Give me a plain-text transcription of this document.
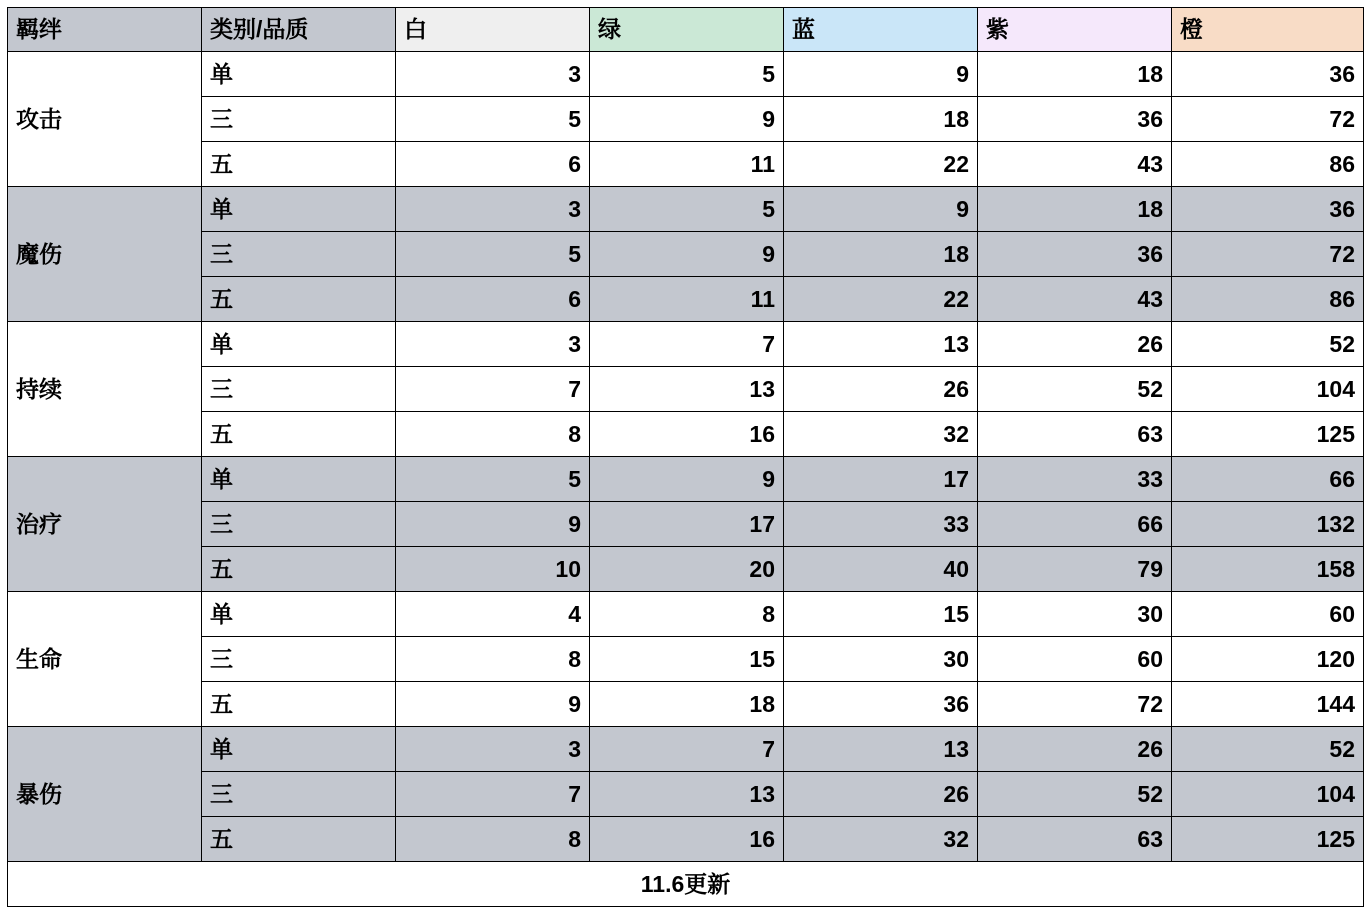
羁绊	类别/品质	白	绿	蓝	紫	橙
攻击	单	3	5	9	18	36
	三	5	9	18	36	72
	五	6	11	22	43	86
魔伤	单	3	5	9	18	36
	三	5	9	18	36	72
	五	6	11	22	43	86
持续	单	3	7	13	26	52
	三	7	13	26	52	104
	五	8	16	32	63	125
治疗	单	5	9	17	33	66
	三	9	17	33	66	132
	五	10	20	40	79	158
生命	单	4	8	15	30	60
	三	8	15	30	60	120
	五	9	18	36	72	144
暴伤	单	3	7	13	26	52
	三	7	13	26	52	104
	五	8	16	32	63	125
11.6更新						
